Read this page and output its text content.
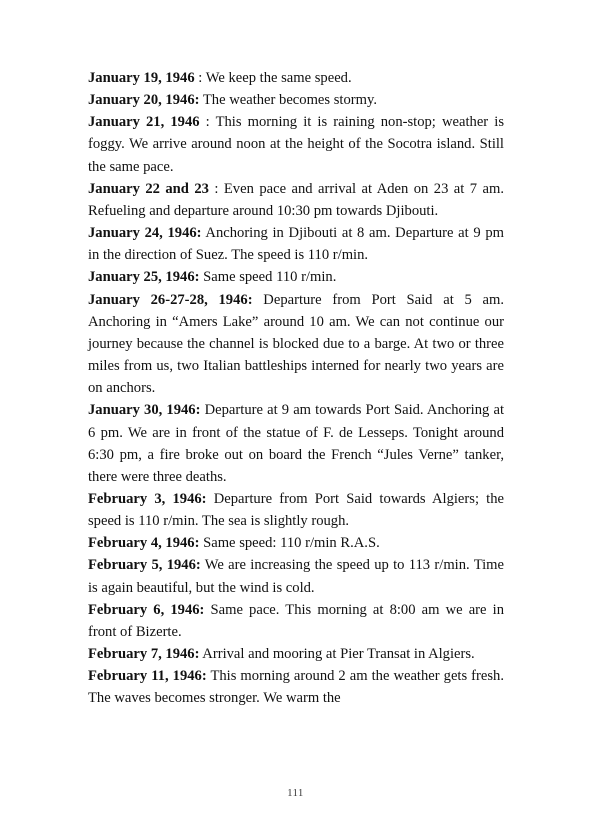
January 19, 1946 : We keep the same speed.

January 20, 1946: The weather becomes stormy.

January 21, 1946 : This morning it is raining non-stop; weather is foggy. We arrive around noon at the height of the Socotra island. Still the same pace.

January 22 and 23 : Even pace and arrival at Aden on 23 at 7 am. Refueling and departure around 10:30 pm towards Djibouti.

January 24, 1946: Anchoring in Djibouti at 8 am. Departure at 9 pm in the direction of Suez. The speed is 110 r/min.

January 25, 1946: Same speed 110 r/min.

January 26-27-28, 1946: Departure from Port Said at 5 am. Anchoring in “Amers Lake” around 10 am. We can not continue our journey because the channel is blocked due to a barge. At two or three miles from us, two Italian battleships interned for nearly two years are on anchors.

January 30, 1946: Departure at 9 am towards Port Said. Anchoring at 6 pm. We are in front of the statue of F. de Lesseps. Tonight around 6:30 pm, a fire broke out on board the French “Jules Verne” tanker, there were three deaths.

February 3, 1946: Departure from Port Said towards Algiers; the speed is 110 r/min. The sea is slightly rough.

February 4, 1946: Same speed: 110 r/min R.A.S.

February 5, 1946: We are increasing the speed up to 113 r/min. Time is again beautiful, but the wind is cold.

February 6, 1946: Same pace. This morning at 8:00 am we are in front of Bizerte.

February 7, 1946: Arrival and mooring at Pier Transat in Algiers.

February 11, 1946: This morning around 2 am the weather gets fresh. The waves becomes stronger. We warm the

111
